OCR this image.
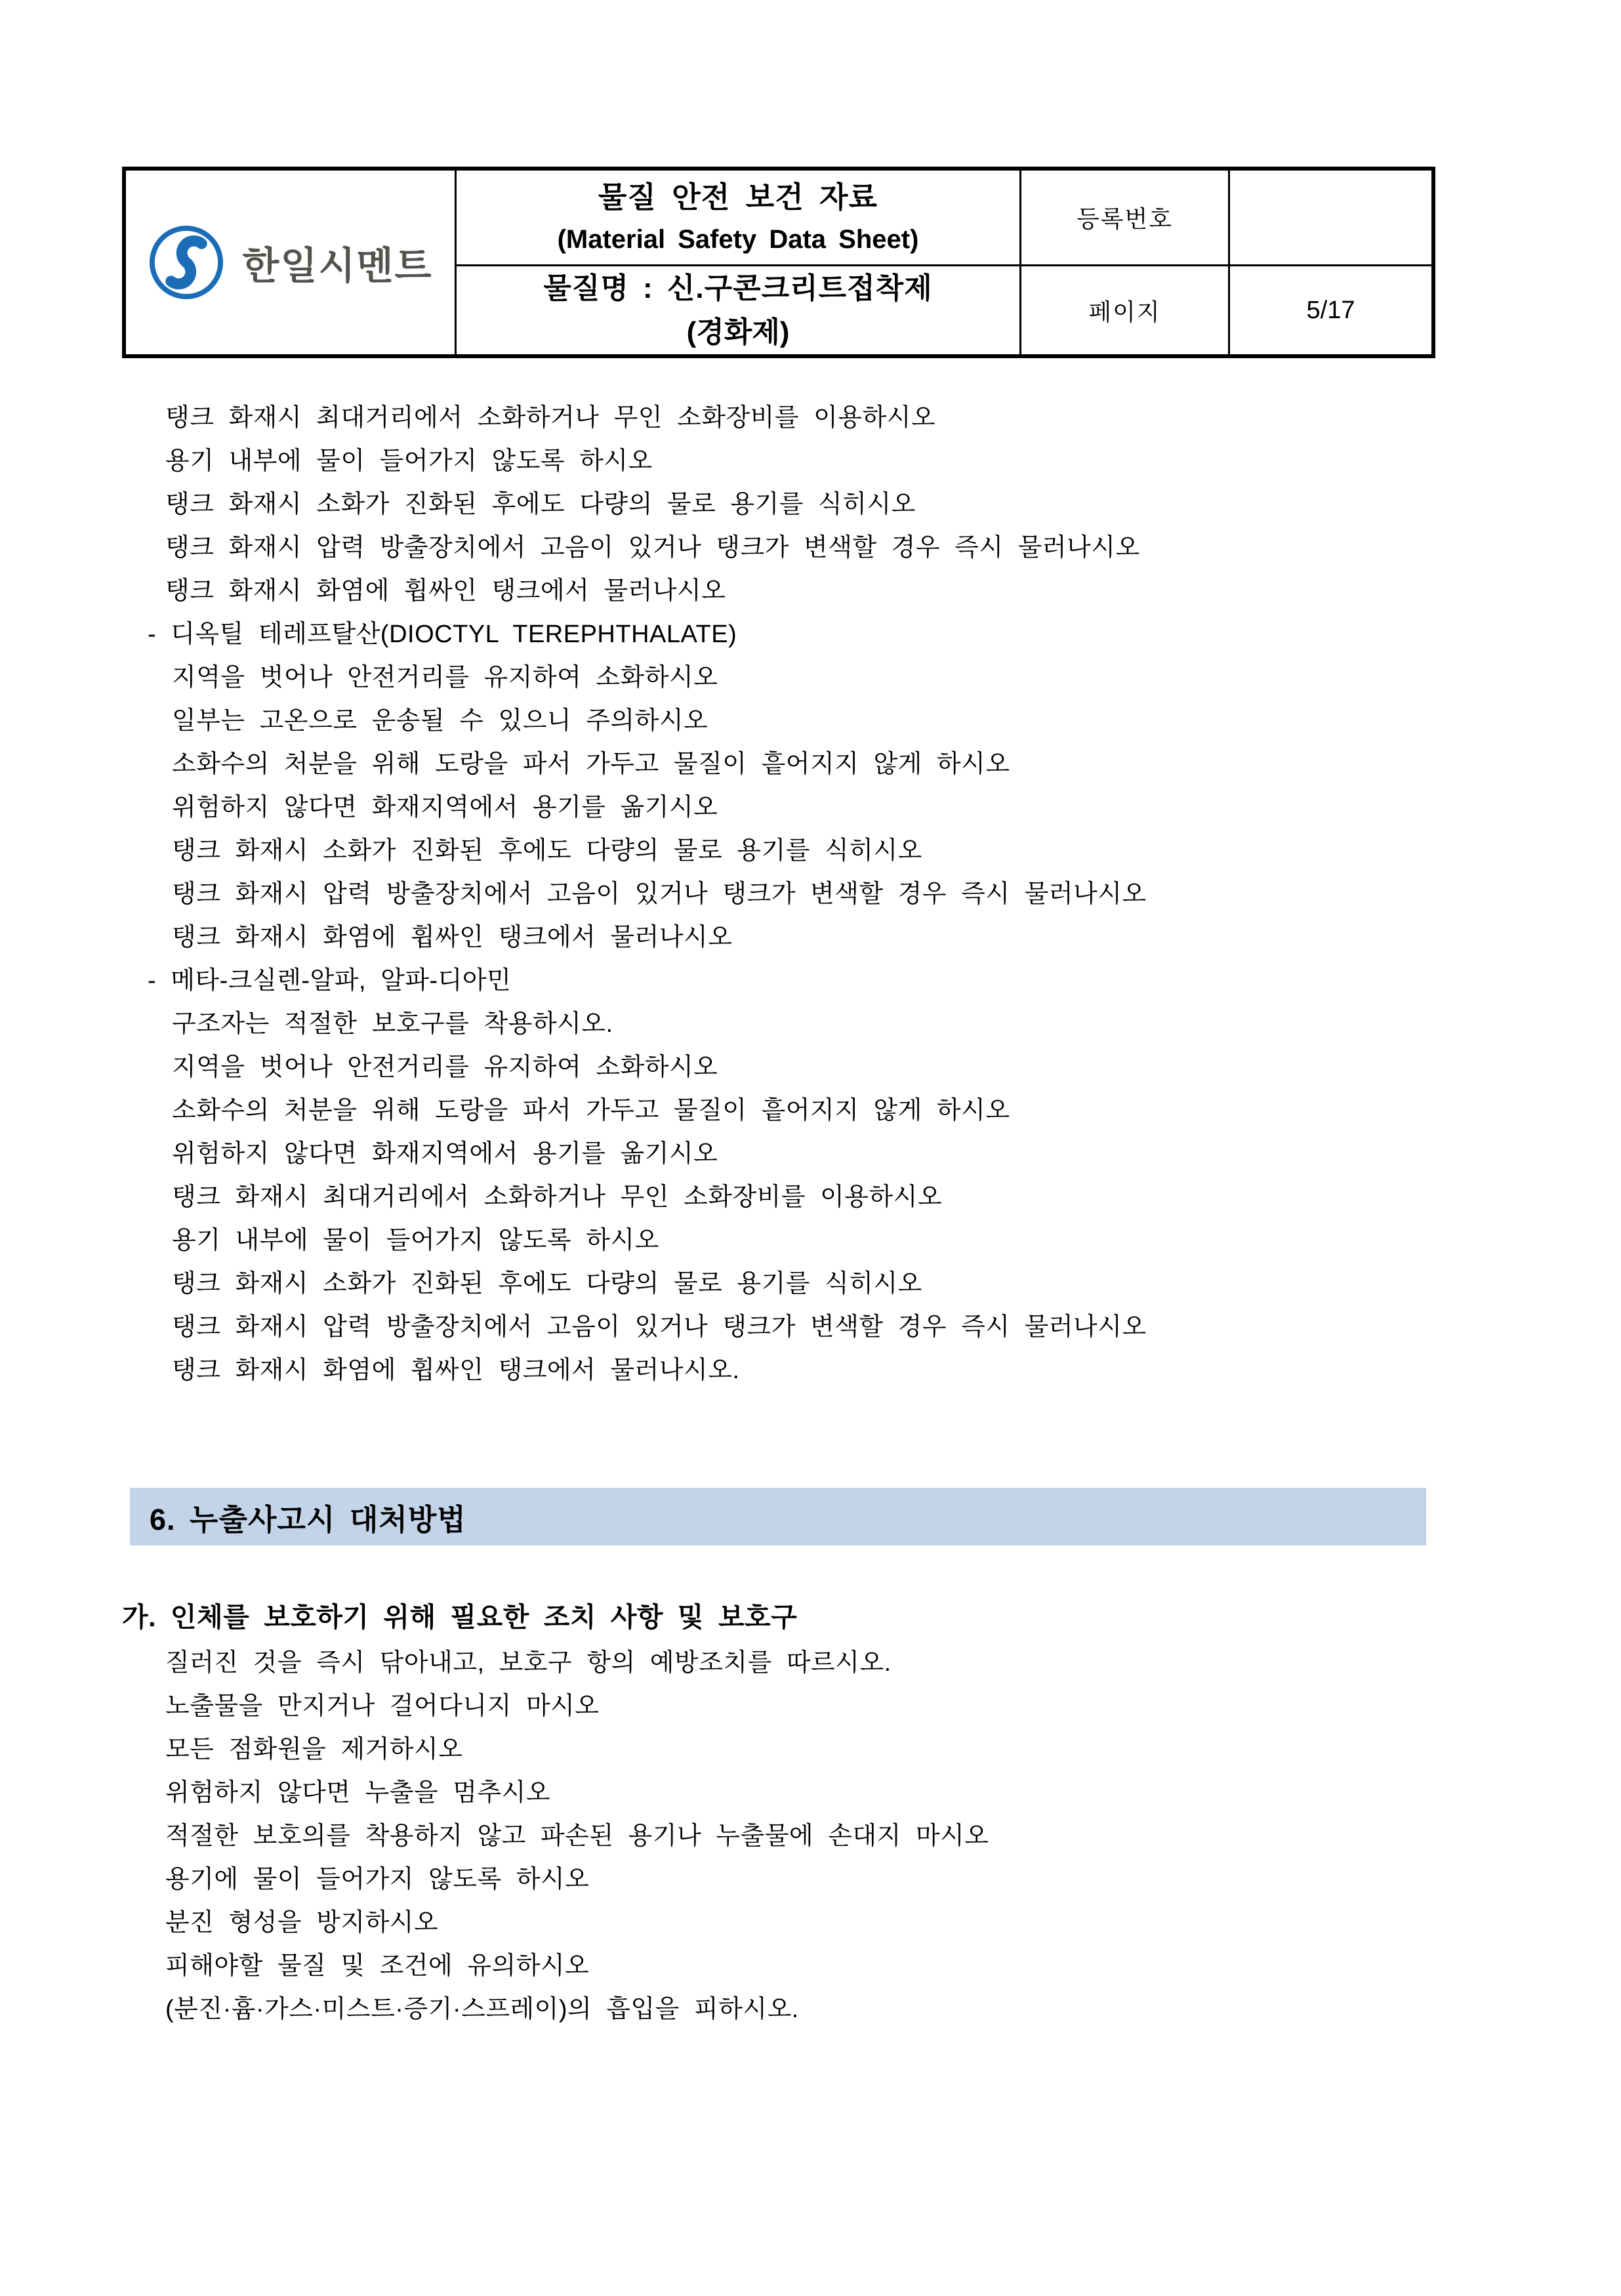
한일시멘트
물질 안전 보건 자료
(Material Safety Data Sheet)
물질명 : 신.구콘크리트접착제
(경화제)
등록번호
페이지	5/17
탱크 화재시 최대거리에서 소화하거나 무인 소화장비를 이용하시오
용기 내부에 물이 들어가지 않도록 하시오
탱크 화재시 소화가 진화된 후에도 다량의 물로 용기를 식히시오
탱크 화재시 압력 방출장치에서 고음이 있거나 탱크가 변색할 경우 즉시 물러나시오
탱크 화재시 화염에 휩싸인 탱크에서 물러나시오
- 디옥틸 테레프탈산(DIOCTYL TEREPHTHALATE)
지역을 벗어나 안전거리를 유지하여 소화하시오
일부는 고온으로 운송될 수 있으니 주의하시오
소화수의 처분을 위해 도랑을 파서 가두고 물질이 흩어지지 않게 하시오
위험하지 않다면 화재지역에서 용기를 옮기시오
탱크 화재시 소화가 진화된 후에도 다량의 물로 용기를 식히시오
탱크 화재시 압력 방출장치에서 고음이 있거나 탱크가 변색할 경우 즉시 물러나시오
탱크 화재시 화염에 휩싸인 탱크에서 물러나시오
- 메타-크실렌-알파, 알파-디아민
구조자는 적절한 보호구를 착용하시오.
지역을 벗어나 안전거리를 유지하여 소화하시오
소화수의 처분을 위해 도랑을 파서 가두고 물질이 흩어지지 않게 하시오
위험하지 않다면 화재지역에서 용기를 옮기시오
탱크 화재시 최대거리에서 소화하거나 무인 소화장비를 이용하시오
용기 내부에 물이 들어가지 않도록 하시오
탱크 화재시 소화가 진화된 후에도 다량의 물로 용기를 식히시오
탱크 화재시 압력 방출장치에서 고음이 있거나 탱크가 변색할 경우 즉시 물러나시오
탱크 화재시 화염에 휩싸인 탱크에서 물러나시오.
6. 누출사고시 대처방법
가. 인체를 보호하기 위해 필요한 조치 사항 및 보호구
질러진 것을 즉시 닦아내고, 보호구 항의 예방조치를 따르시오.
노출물을 만지거나 걸어다니지 마시오
모든 점화원을 제거하시오
위험하지 않다면 누출을 멈추시오
적절한 보호의를 착용하지 않고 파손된 용기나 누출물에 손대지 마시오
용기에 물이 들어가지 않도록 하시오
분진 형성을 방지하시오
피해야할 물질 및 조건에 유의하시오
(분진·흄·가스·미스트·증기·스프레이)의 흡입을 피하시오.
